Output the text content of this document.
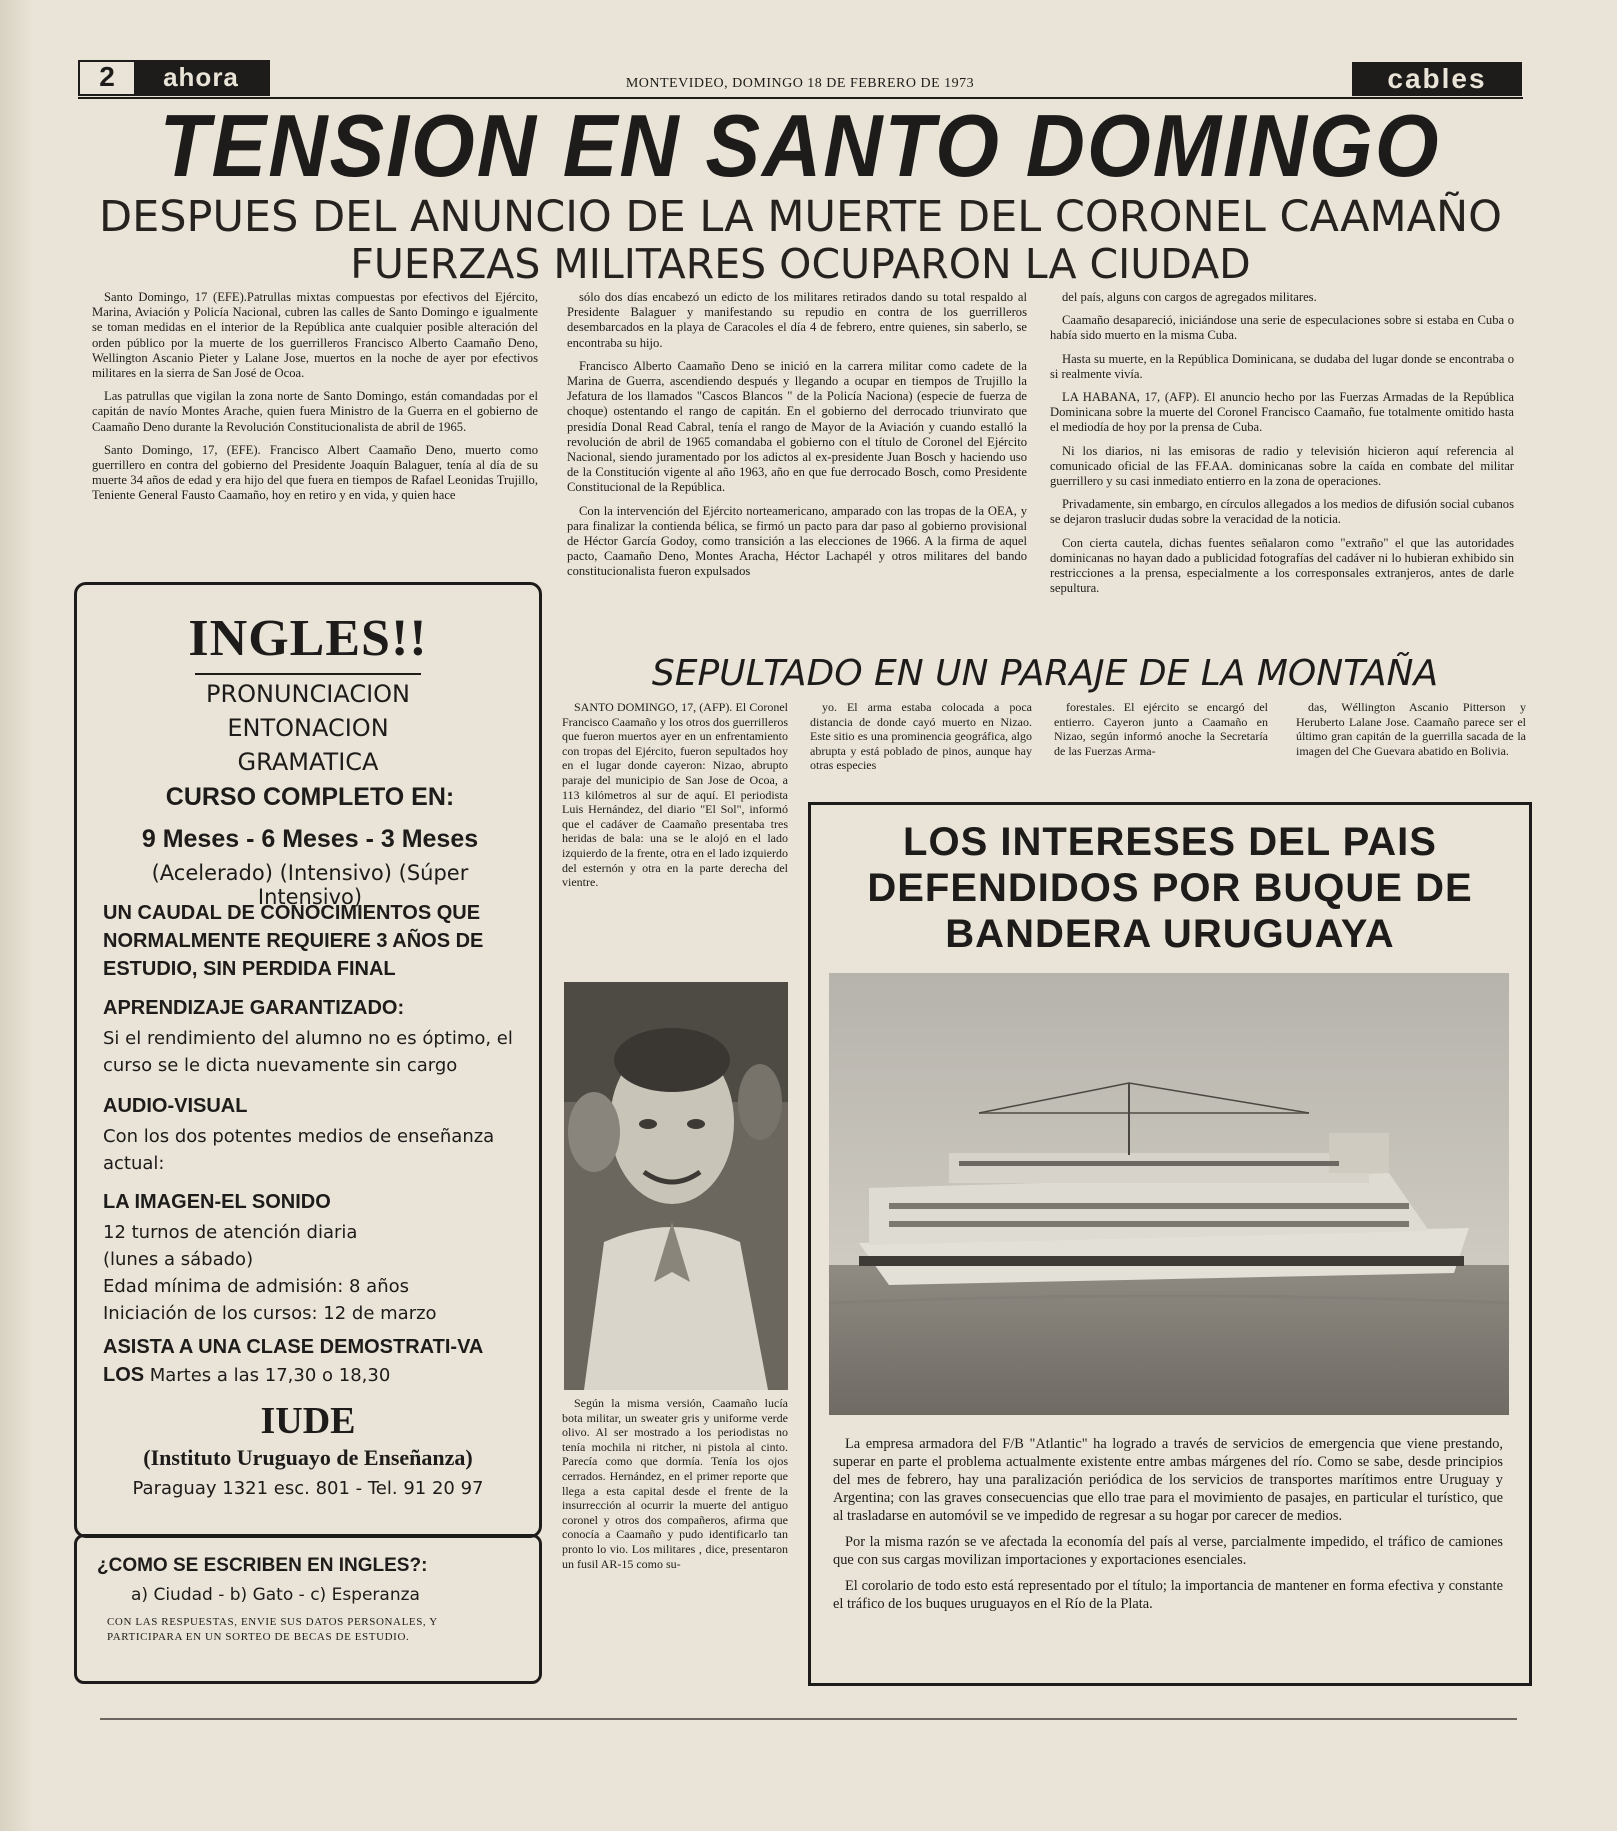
2	ahora	MONTEVIDEO, DOMINGO 18 DE FEBRERO DE 1973	cables
TENSION EN SANTO DOMINGO
DESPUES DEL ANUNCIO DE LA MUERTE DEL CORONEL CAAMAÑO
FUERZAS MILITARES OCUPARON LA CIUDAD

Santo Domingo, 17 (EFE).Patrullas mixtas compuestas por efectivos del Ejército, Marina, Aviación y Policía Nacional, cubren las calles de Santo Domingo e igualmente se toman medidas en el interior de la República ante cualquier posible alteración del orden público por la muerte de los guerrilleros Francisco Alberto Caamaño Deno, Wellington Ascanio Pieter y Lalane Jose, muertos en la noche de ayer por efectivos militares en la sierra de San José de Ocoa.

Las patrullas que vigilan la zona norte de Santo Domingo, están comandadas por el capitán de navío Montes Arache, quien fuera Ministro de la Guerra en el gobierno de Caamaño Deno durante la Revolución Constitucionalista de abril de 1965.

Santo Domingo, 17, (EFE). Francisco Albert Caamaño Deno, muerto como guerrillero en contra del gobierno del Presidente Joaquín Balaguer, tenía al día de su muerte 34 años de edad y era hijo del que fuera en tiempos de Rafael Leonidas Trujillo, Teniente General Fausto Caamaño, hoy en retiro y en vida, y quien hace

sólo dos días encabezó un edicto de los militares retirados dando su total respaldo al Presidente Balaguer y manifestando su repudio en contra de los guerrilleros desembarcados en la playa de Caracoles el día 4 de febrero, entre quienes, sin saberlo, se encontraba su hijo.

Francisco Alberto Caamaño Deno se inició en la carrera militar como cadete de la Marina de Guerra, ascendiendo después y llegando a ocupar en tiempos de Trujillo la Jefatura de los llamados "Cascos Blancos " de la Policía Naciona) (especie de fuerza de choque) ostentando el rango de capitán. En el gobierno del derrocado triunvirato que presidía Donal Read Cabral, tenía el rango de Mayor de la Aviación y cuando estalló la revolución de abril de 1965 comandaba el gobierno con el título de Coronel del Ejército Nacional, siendo juramentado por los adictos al ex-presidente Juan Bosch y haciendo uso de la Constitución vigente al año 1963, año en que fue derrocado Bosch, como Presidente Constitucional de la República.

Con la intervención del Ejército norteamericano, amparado con las tropas de la OEA, y para finalizar la contienda bélica, se firmó un pacto para dar paso al gobierno provisional de Héctor García Godoy, como transición a las elecciones de 1966. A la firma de aquel pacto, Caamaño Deno, Montes Aracha, Héctor Lachapél y otros militares del bando constitucionalista fueron expulsados

del país, alguns con cargos de agregados militares.

Caamaño desapareció, iniciándose una serie de especulaciones sobre si estaba en Cuba o había sido muerto en la misma Cuba.

Hasta su muerte, en la República Dominicana, se dudaba del lugar donde se encontraba o si realmente vivía.

LA HABANA, 17, (AFP). El anuncio hecho por las Fuerzas Armadas de la República Dominicana sobre la muerte del Coronel Francisco Caamaño, fue totalmente omitido hasta el mediodía de hoy por la prensa de Cuba.

Ni los diarios, ni las emisoras de radio y televisión hicieron aquí referencia al comunicado oficial de las FF.AA. dominicanas sobre la caída en combate del militar guerrillero y su casi inmediato entierro en la zona de operaciones.

Privadamente, sin embargo, en círculos allegados a los medios de difusión social cubanos se dejaron traslucir dudas sobre la veracidad de la noticia.

Con cierta cautela, dichas fuentes señalaron como "extraño" el que las autoridades dominicanas no hayan dado a publicidad fotografías del cadáver ni lo hubieran exhibido sin restricciones a la prensa, especialmente a los corresponsales extranjeros, antes de darle sepultura.

SEPULTADO EN UN PARAJE DE LA MONTAÑA

SANTO DOMINGO, 17, (AFP). El Coronel Francisco Caamaño y los otros dos guerrilleros que fueron muertos ayer en un enfrentamiento con tropas del Ejército, fueron sepultados hoy en el lugar donde cayeron: Nizao, abrupto paraje del municipio de San Jose de Ocoa, a 113 kilómetros al sur de aquí. El periodista Luis Hernández, del diario "El Sol", informó que el cadáver de Caamaño presentaba tres heridas de bala: una se le alojó en el lado izquierdo de la frente, otra en el lado izquierdo del esternón y otra en la parte derecha del vientre.

yo. El arma estaba colocada a poca distancia de donde cayó muerto en Nizao. Este sitio es una prominencia geográfica, algo abrupta y está poblado de pinos, aunque hay otras especies

forestales. El ejército se encargó del entierro. Cayeron junto a Caamaño en Nizao, según informó anoche la Secretaría de las Fuerzas Arma-

das, Wéllington Ascanio Pitterson y Heruberto Lalane Jose. Caamaño parece ser el último gran capitán de la guerrilla sacada de la imagen del Che Guevara abatido en Bolivia.

Según la misma versión, Caamaño lucía bota militar, un sweater gris y uniforme verde olivo. Al ser mostrado a los periodistas no tenía mochila ni ritcher, ni pistola al cinto. Parecía como que dormía. Tenía los ojos cerrados. Hernández, en el primer reporte que llega a esta capital desde el frente de la insurrección al ocurrir la muerte del antiguo coronel y otros dos compañeros, afirma que conocía a Caamaño y pudo identificarlo tan pronto lo vio. Los militares , dice, presentaron un fusil AR-15 como su-

INGLES!!
PRONUNCIACION
ENTONACION
GRAMATICA
CURSO COMPLETO EN:
9 Meses - 6 Meses - 3 Meses
(Acelerado) (Intensivo) (Súper Intensivo)
UN CAUDAL DE CONOCIMIENTOS QUE NORMALMENTE REQUIERE 3 AÑOS DE ESTUDIO, SIN PERDIDA FINAL
APRENDIZAJE GARANTIZADO:
Si el rendimiento del alumno no es óptimo, el curso se le dicta nuevamente sin cargo
AUDIO-VISUAL
Con los dos potentes medios de enseñanza actual:
LA IMAGEN-EL SONIDO
12 turnos de atención diaria
(lunes a sábado)
Edad mínima de admisión: 8 años
Iniciación de los cursos: 12 de marzo
ASISTA A UNA CLASE DEMOSTRATI-VA LOS Martes a las 17,30 o 18,30
IUDE
(Instituto Uruguayo de Enseñanza)
Paraguay 1321 esc. 801 - Tel. 91 20 97
¿COMO SE ESCRIBEN EN INGLES?:
a) Ciudad - b) Gato - c) Esperanza
CON LAS RESPUESTAS, ENVIE SUS DATOS PERSONALES, Y PARTICIPARA EN UN SORTEO DE BECAS DE ESTUDIO.
LOS INTERESES DEL PAIS
DEFENDIDOS POR BUQUE DE
BANDERA URUGUAYA

La empresa armadora del F/B "Atlantic" ha logrado a través de servicios de emergencia que viene prestando, superar en parte el problema actualmente existente entre ambas márgenes del río. Como se sabe, desde principios del mes de febrero, hay una paralización periódica de los servicios de transportes marítimos entre Uruguay y Argentina; con las graves consecuencias que ello trae para el movimiento de pasajes, en particular el turístico, que al trasladarse en automóvil se ve impedido de regresar a su hogar por carecer de medios.

Por la misma razón se ve afectada la economía del país al verse, parcialmente impedido, el tráfico de camiones que con sus cargas movilizan importaciones y exportaciones esenciales.

El corolario de todo esto está representado por el título; la importancia de mantener en forma efectiva y constante el tráfico de los buques uruguayos en el Río de la Plata.
